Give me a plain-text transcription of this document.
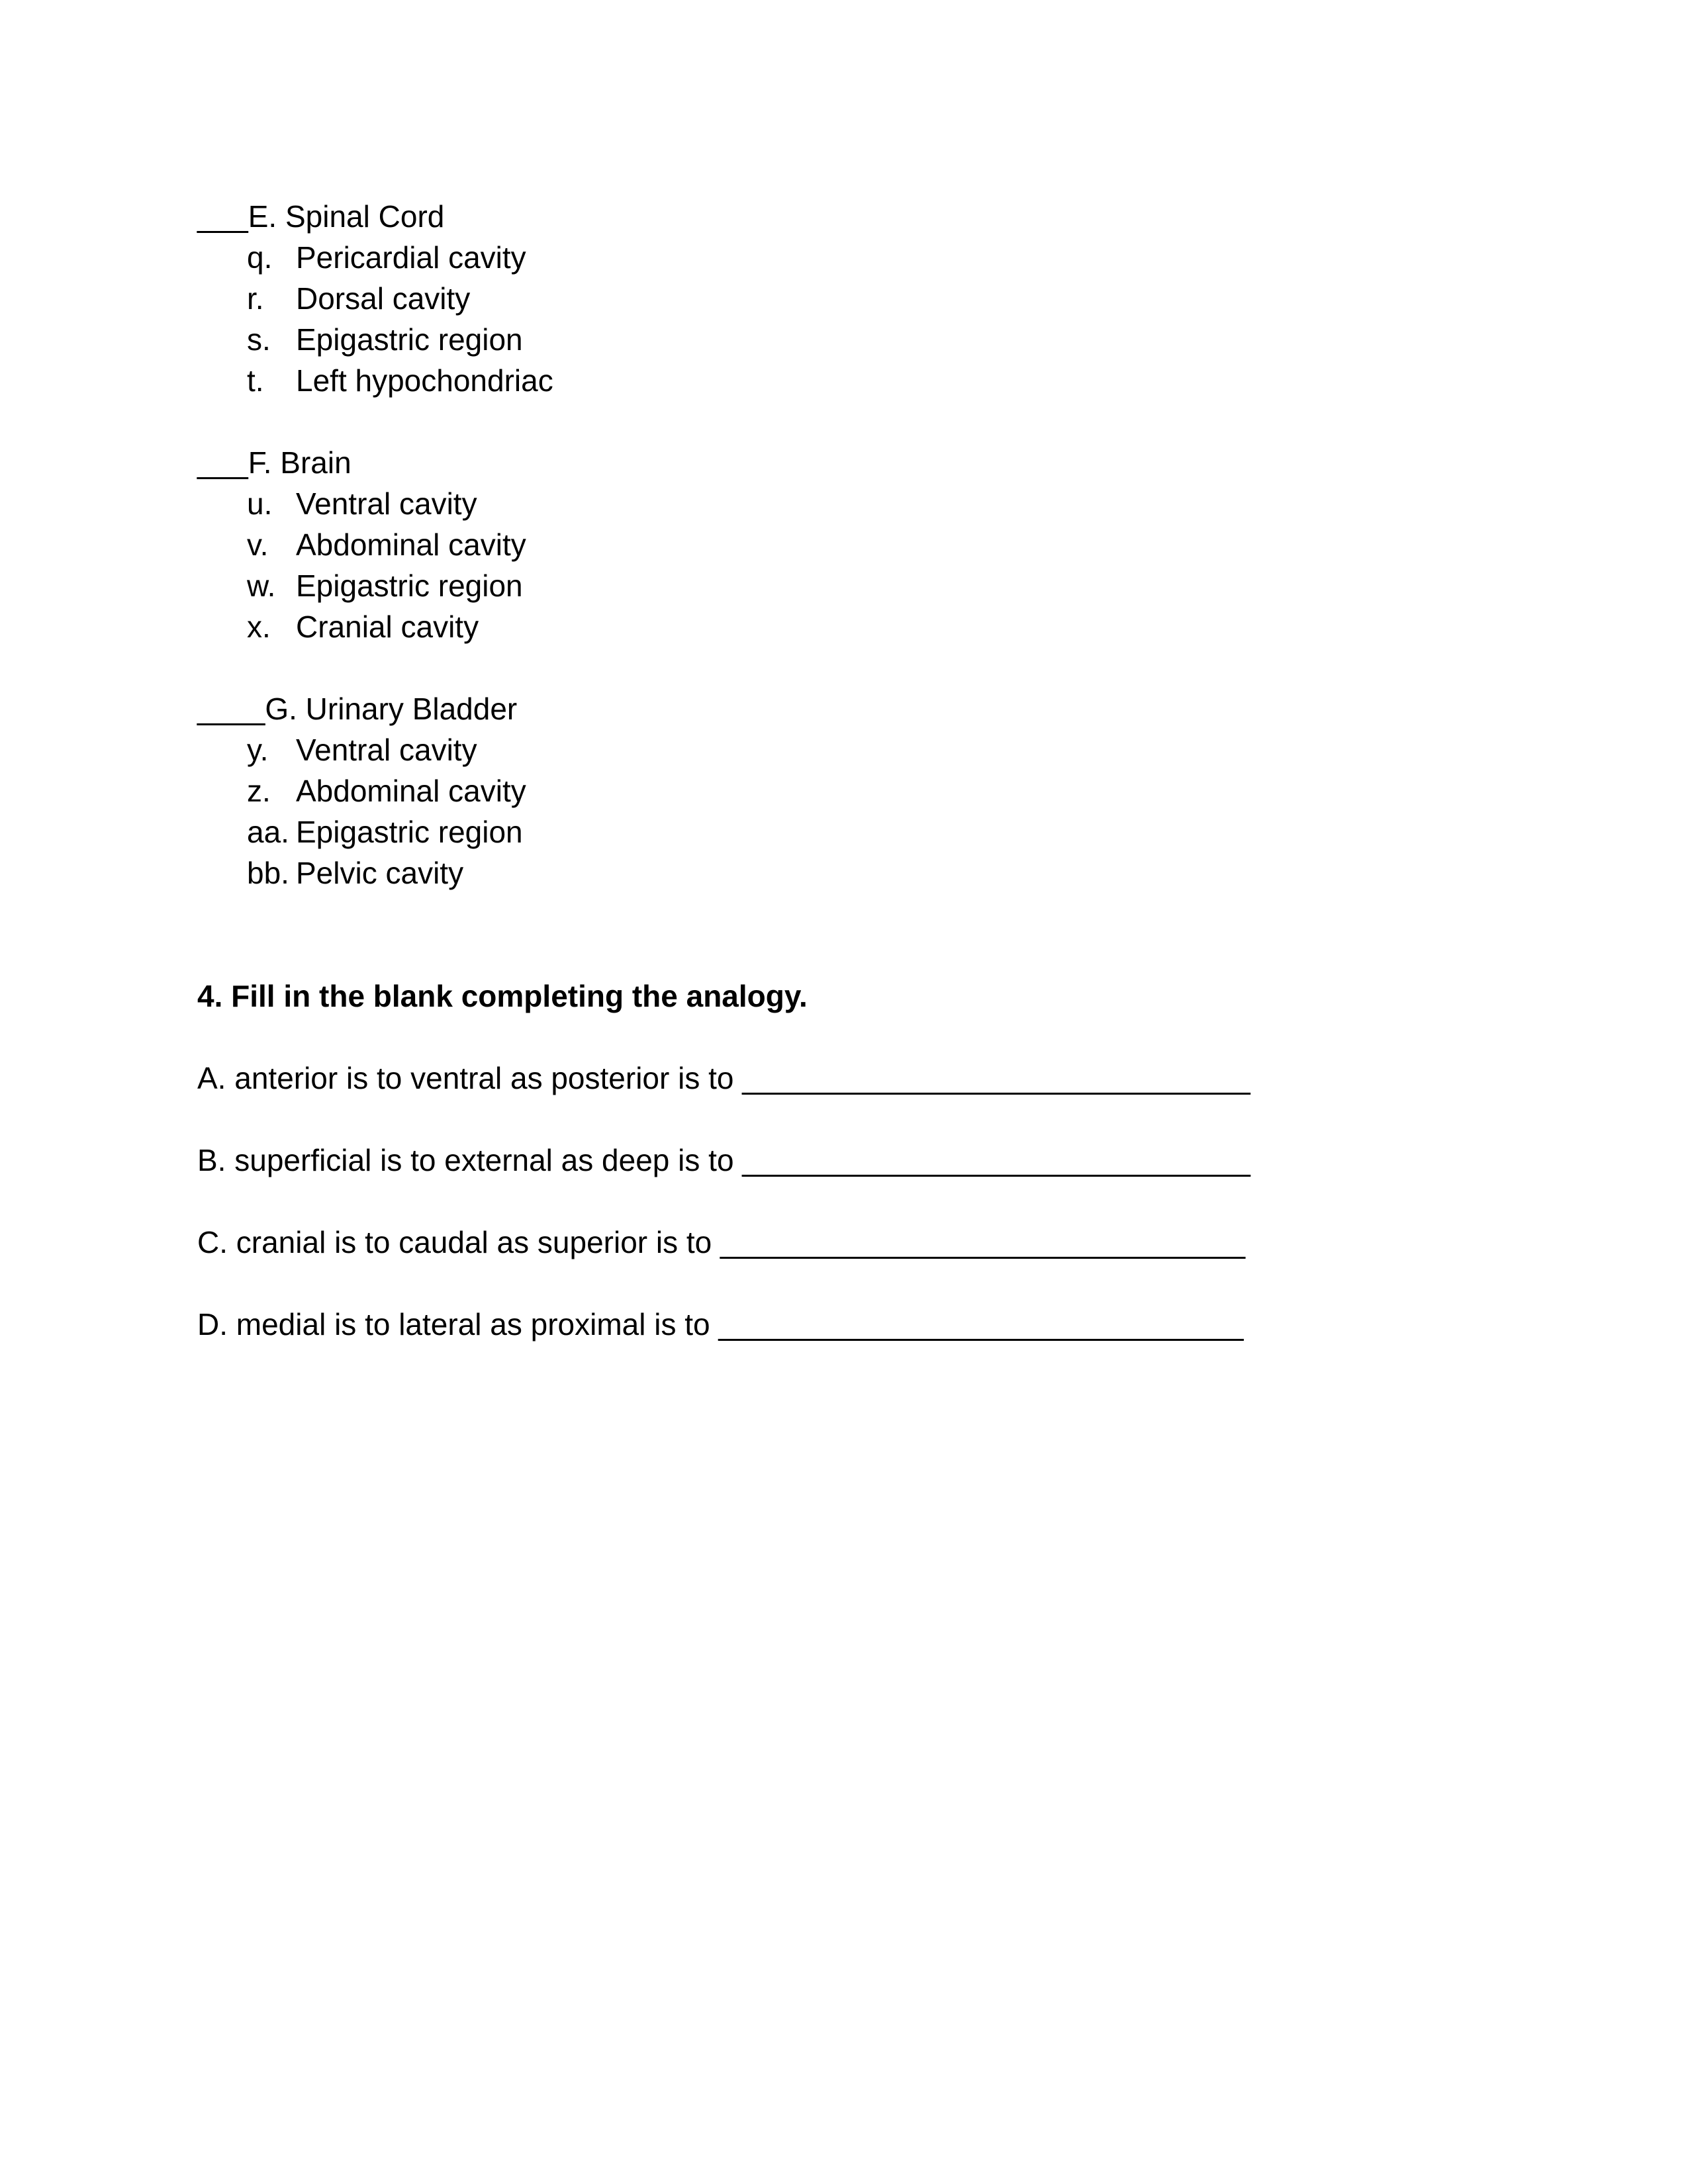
___E. Spinal Cord
q. Pericardial cavity
r.	Dorsal cavity
s. Epigastric region
t.	Left hypochondriac
___F. Brain
u. Ventral cavity
v. Abdominal cavity
w. Epigastric region
x. Cranial cavity
____G. Urinary Bladder
y. Ventral cavity
z. Abdominal cavity
aa. Epigastric region
bb. Pelvic cavity
4. Fill in the blank completing the analogy.
A. anterior is to ventral as posterior is to ______________________________
B. superficial is to external as deep is to ______________________________
C. cranial is to caudal as superior is to _______________________________
D. medial is to lateral as proximal is to _______________________________
